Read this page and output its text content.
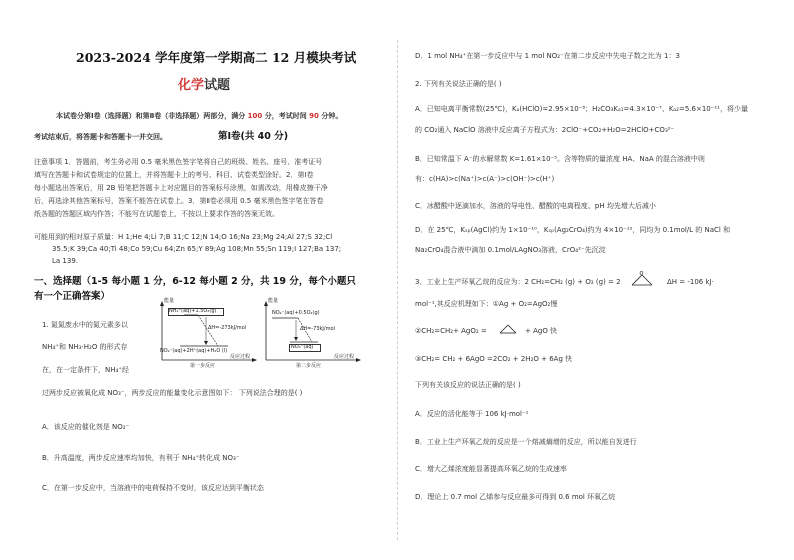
2023-2024 学年度第一学期高二 12 月模块考试
化学试题
本试卷分第Ⅰ卷（选择题）和第Ⅱ卷（非选择题）两部分，满分 100 分，考试时间 90 分钟。
考试结束后，将答题卡和答题卡一并交回。	第Ⅰ卷(共 40 分)
注意事项 1．答题前，考生务必用 0.5 毫米黑色签字笔将自己的班级、姓名、座号、准考证号
填写在答题卡和试卷规定的位置上，并将答题卡上的考号、科目、试卷类型涂好。2．第Ⅰ卷
每小题选出答案后，用 2B 铅笔把答题卡上对应题目的答案标号涂黑，如需改动，用橡皮擦干净
后，再选涂其他答案标号，答案不能答在试卷上。3．第Ⅱ卷必须用 0.5 毫米黑色签字笔在答卷
纸各题的答题区域内作答；不能写在试题卷上，不按以上要求作答的答案无效。
可能用到的相对原子质量：H 1;He 4;Li 7;B 11;C 12;N 14;O 16;Na 23;Mg 24;Al 27;S 32;Cl
35.5;K 39;Ca 40;Ti 48;Co 59;Cu 64;Zn 65;Y 89;Ag 108;Mn 55;Sn 119;I 127;Ba 137;
La 139.
一、选择题（1-5 每小题 1 分，6-12 每小题 2 分，共 19 分，每个小题只
有一个正确答案）
1. 氮氮废水中的氮元素多以
NH₄⁺和 NH₃·H₂O 的形式存
在，在一定条件下，NH₄⁺经
过两步反应被氧化成 NO₃⁻，两步反应的能量变化示意图如下： 下列说法合理的是( )
A．该反应的催化剂是 NO₂⁻
B．升高温度，两步反应速率均加快，有利于 NH₄⁺转化成 NO₃⁻
C．在第一步反应中，当溶液中的电荷保持不变时，该反应达到平衡状态
能量
NH₄⁺(aq)+1.5O₂(g)
ΔH=-273kJ/mol
NO₂⁻(aq)+2H⁺(aq)+H₂O (l)
反应过程
第一步反应
能量
NO₂⁻(aq)+0.5O₂(g)
ΔH=-73kJ/mol
NO₃⁻(aq)
反应过程
第二步反应
D．1 mol NH₄⁺在第一步反应中与 1 mol NO₂⁻在第二步反应中失电子数之比为 1：3
2. 下列有关说法正确的是( )
A．已知电离平衡常数(25℃)，Kₐ(HClO)=2.95×10⁻⁸；H₂CO₃Kₐ₁=4.3×10⁻⁷、Kₐ₂=5.6×10⁻¹¹，将少量
的 CO₂通入 NaClO 溶液中反应离子方程式为：2ClO⁻+CO₂+H₂O=2HClO+CO₃²⁻
B．已知常温下 A⁻的水解常数 K=1.61×10⁻⁵。含等物质的量浓度 HA、NaA 的混合溶液中则
有：c(HA)>c(Na⁺)>c(A⁻)>c(OH⁻)>c(H⁺)
C．冰醋酸中逐滴加水，溶液的导电性、醋酸的电离程度、pH 均先增大后减小
D．在 25℃，Kₛₚ(AgCl)约为 1×10⁻¹⁰，Kₛₚ(Ag₂CrO₄)约为 4×10⁻¹²，同均为 0.1mol/L 的 NaCl 和
Na₂CrO₄混合液中滴加 0.1mol/LAgNO₃溶液，CrO₄²⁻先沉淀
3．工业上生产环氧乙烷的反应为：2 CH₂=CH₂ (g) + O₂ (g) = 2
O
ΔH = -106 kJ·
mol⁻¹,其反应机理如下：①Ag + O₂=AgO₂慢
②CH₂=CH₂+ AgO₂ =	+ AgO 快
③CH₂= CH₂ + 6AgO =2CO₂ + 2H₂O + 6Ag 快
下列有关该反应的说法正确的是( )
A．反应的活化能等于 106 kJ·mol⁻¹
B．工业上生产环氧乙烷的反应是一个熔减熵增的反应，所以能自发进行
C．增大乙烯浓度能显著提高环氧乙烷的生成速率
D．理论上 0.7 mol 乙烯参与反应最多可得到 0.6 mol 环氧乙烷
